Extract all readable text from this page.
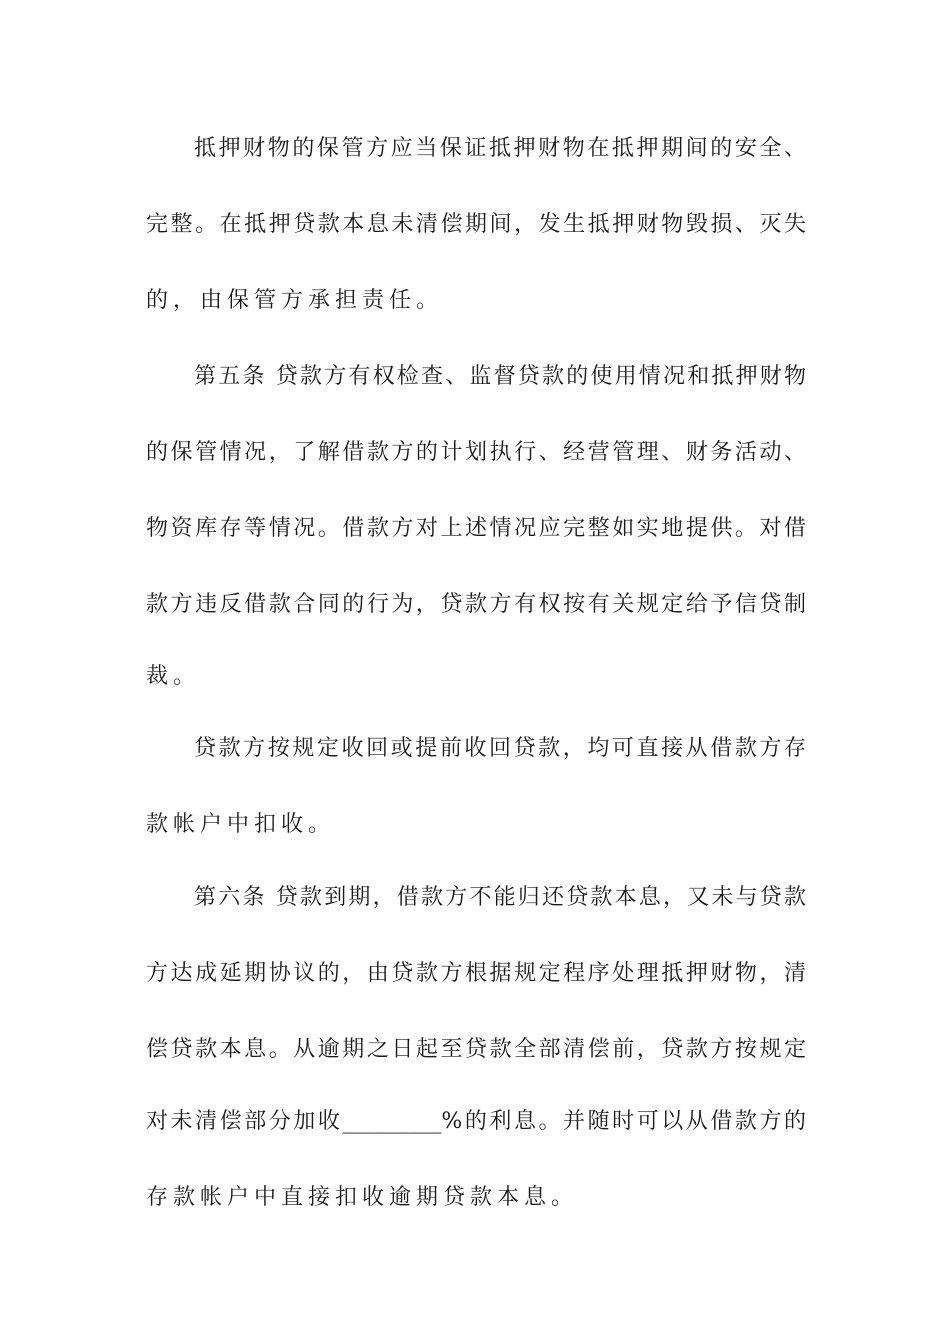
抵押财物的保管方应当保证抵押财物在抵押期间的安全、
完整。在抵押贷款本息未清偿期间，发生抵押财物毁损、灭失
的，由保管方承担责任。
第五条 贷款方有权检查、监督贷款的使用情况和抵押财物
的保管情况，了解借款方的计划执行、经营管理、财务活动、
物资库存等情况。借款方对上述情况应完整如实地提供。对借
款方违反借款合同的行为，贷款方有权按有关规定给予信贷制
裁。
贷款方按规定收回或提前收回贷款，均可直接从借款方存
款帐户中扣收。
第六条 贷款到期，借款方不能归还贷款本息，又未与贷款
方达成延期协议的，由贷款方根据规定程序处理抵押财物，清
偿贷款本息。从逾期之日起至贷款全部清偿前，贷款方按规定
对未清偿部分加收_________%的利息。并随时可以从借款方的
存款帐户中直接扣收逾期贷款本息。
